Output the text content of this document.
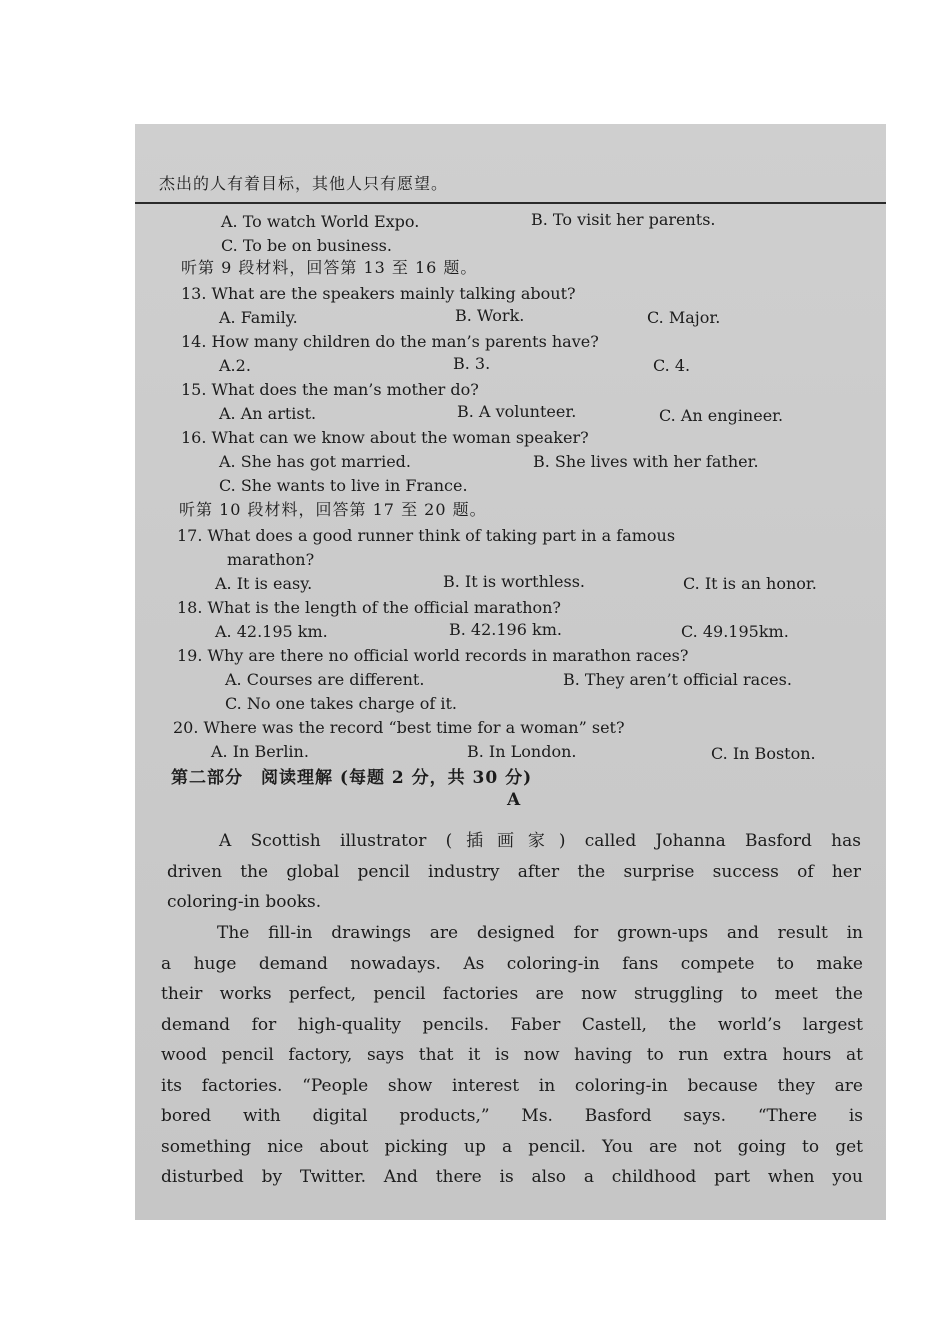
杰出的人有着目标，其他人只有愿望。
A. To watch World Expo.	B. To visit her parents.
C. To be on business.
听第 9 段材料，回答第 13 至 16 题。
13. What are the speakers mainly talking about?
A. Family.	B. Work.	C. Major.
14. How many children do the man’s parents have?
A.2.	B. 3.	C. 4.
15. What does the man’s mother do?
A. An artist.	B. A volunteer.	C. An engineer.
16. What can we know about the woman speaker?
A. She has got married.	B. She lives with her father.
C. She wants to live in France.
听第 10 段材料，回答第 17 至 20 题。
17. What does a good runner think of taking part in a famous
marathon?
A. It is easy.	B. It is worthless.	C. It is an honor.
18. What is the length of the official marathon?
A. 42.195 km.	B. 42.196 km.	C. 49.195km.
19. Why are there no official world records in marathon races?
A. Courses are different.	B. They aren’t official races.
C. No one takes charge of it.
20. Where was the record “best time for a woman” set?
A. In Berlin.	B. In London.	C. In Boston.
第二部分　阅读理解 (每题 2 分，共 30 分)
A
A Scottish illustrator (插画家) called Johanna Basford has
driven the global pencil industry after the surprise success of her
coloring-in books.
The fill-in drawings are designed for grown-ups and result in
a huge demand nowadays. As coloring-in fans compete to make
their works perfect, pencil factories are now struggling to meet the
demand for high-quality pencils. Faber Castell, the world’s largest
wood pencil factory, says that it is now having to run extra hours at
its factories. “People show interest in coloring-in because they are
bored with digital products,” Ms. Basford says. “There is
something nice about picking up a pencil. You are not going to get
disturbed by Twitter. And there is also a childhood part when you
